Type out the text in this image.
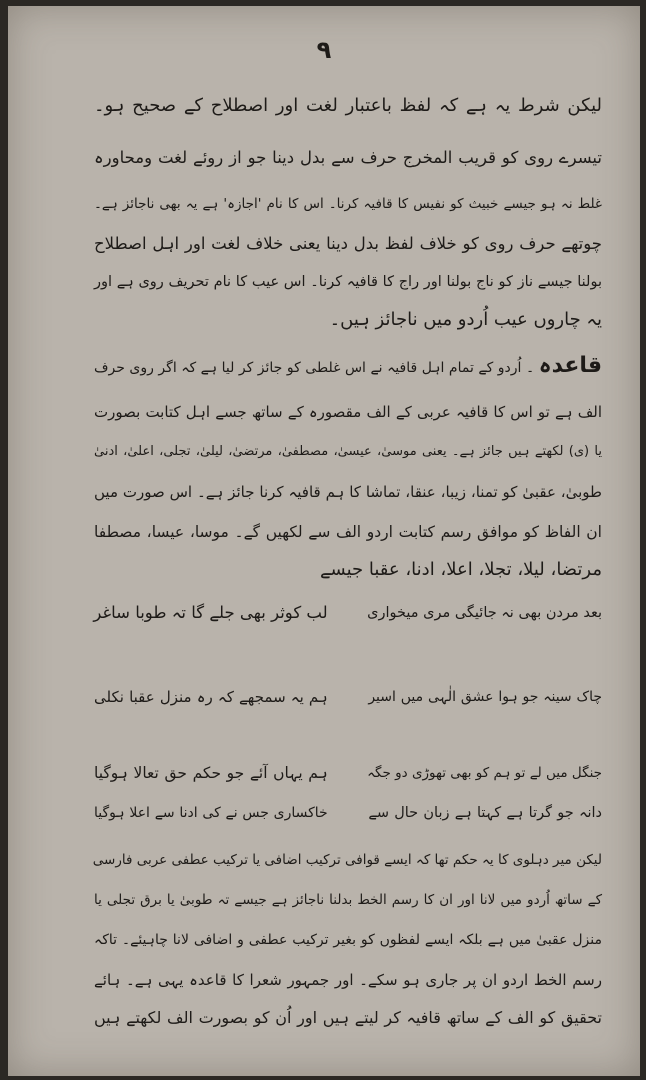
٩
لیکن شرط یہ ہے کہ لفظ باعتبار لغت اور اصطلاح کے صحیح ہو۔
تیسرے روی کو قریب المخرج حرف سے بدل دینا جو از روئے لغت ومحاورہ
غلط نہ ہو جیسے خبیث کو نفیس کا قافیہ کرنا۔ اس کا نام 'اجازہ' ہے یہ بھی ناجائز ہے۔
چوتھے حرف روی کو خلاف لفظ بدل دینا یعنی خلاف لغت اور اہل اصطلاح
بولنا جیسے ناز کو ناج بولنا اور راج کا قافیہ کرنا۔ اس عیب کا نام تحریف روی ہے اور
یہ چاروں عیب اُردو میں ناجائز ہیں۔
قاعدہ ۔ اُردو کے تمام اہل قافیہ نے اس غلطی کو جائز کر لیا ہے کہ اگر روی حرف
الف ہے تو اس کا قافیہ عربی کے الف مقصورہ کے ساتھ جسے اہل کتابت بصورت
یا (ی) لکھتے ہیں جائز ہے۔ یعنی موسیٰ، عیسیٰ، مصطفیٰ، مرتضیٰ، لیلیٰ، تجلی، اعلیٰ، ادنیٰ
طوبیٰ، عقبیٰ کو تمنا، زیبا، عنقا، تماشا کا ہم قافیہ کرنا جائز ہے۔ اس صورت میں
ان الفاظ کو موافق رسم کتابت اردو الف سے لکھیں گے۔ موسا، عیسا، مصطفا
مرتضا، لیلا، تجلا، اعلا، ادنا، عقبا جیسے
لب کوثر بھی جلے گا تہ طوبا ساغر	بعد مردن بھی نہ جائیگی مری میخواری
چاک سینہ جو ہوا عشق الٰہی میں اسیر
ہم یہ سمجھے کہ رہ منزل عقبا نکلی
جنگل میں لے تو ہم کو بھی تھوڑی دو جگہ
ہم یہاں آئے جو حکم حق تعالا ہوگیا
دانہ جو گرتا ہے کہتا ہے زبان حال سے
خاکساری جس نے کی ادنا سے اعلا ہوگیا
لیکن میر دہلوی کا یہ حکم تھا کہ ایسے قوافی ترکیب اضافی یا ترکیب عطفی عربی فارسی
کے ساتھ اُردو میں لانا اور ان کا رسم الخط بدلنا ناجائز ہے جیسے تہ طوبیٰ یا برق تجلی یا
منزل عقبیٰ میں ہے بلکہ ایسے لفظوں کو بغیر ترکیب عطفی و اضافی لانا چاہیئے۔ تاکہ
رسم الخط اردو ان پر جاری ہو سکے۔ اور جمہور شعرا کا قاعدہ یہی ہے۔ ہائے
تحقیق کو الف کے ساتھ قافیہ کر لیتے ہیں اور اُن کو بصورت الف لکھتے ہیں
